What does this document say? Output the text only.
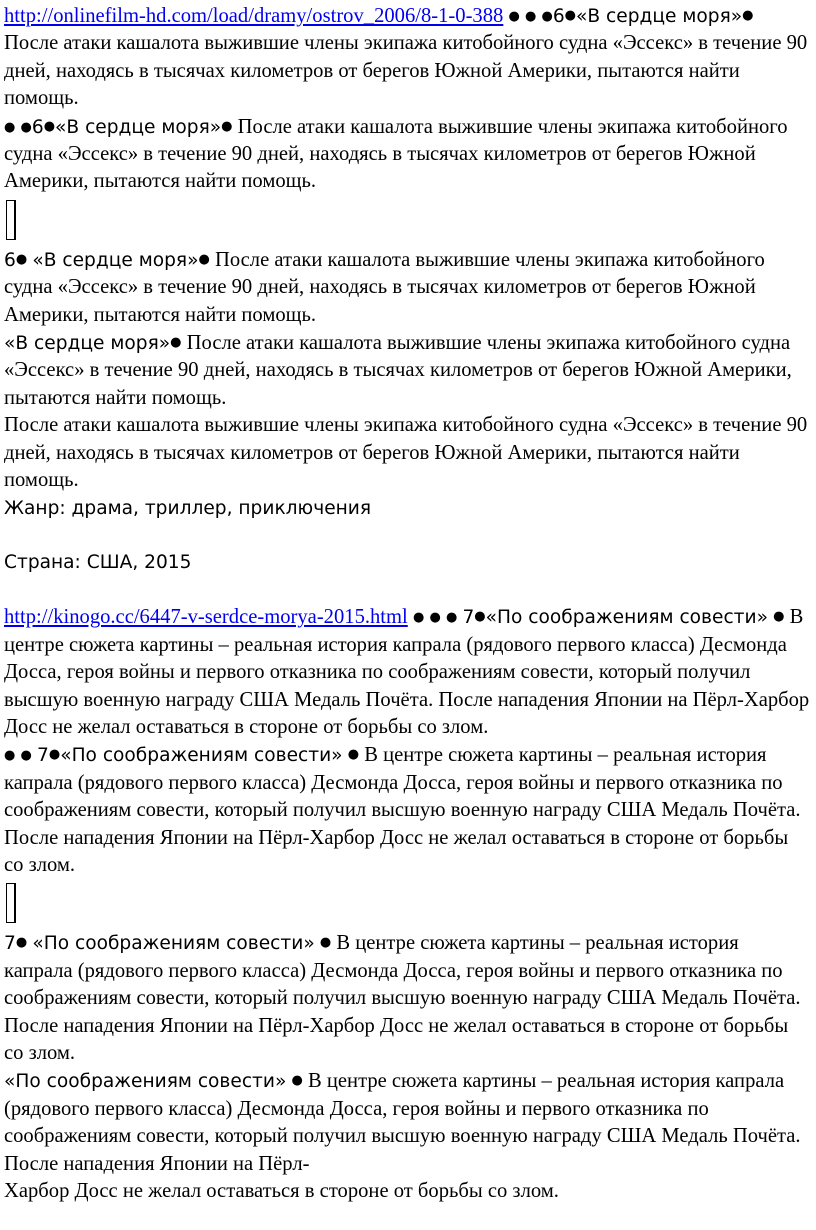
http://onlinefilm-hd.com/load/dramy/ostrov_2006/8-1-0-388 ● ● ●6●«В сердце моря»● После атаки кашалота выжившие члены экипажа китобойного судна «Эссекс» в течение 90 дней, находясь в тысячах километров от берегов Южной Америки, пытаются найти помощь.

● ●6●«В сердце моря»● После атаки кашалота выжившие члены экипажа китобойного судна «Эссекс» в течение 90 дней, находясь в тысячах километров от берегов Южной Америки, пытаются найти помощь.

6● «В сердце моря»● После атаки кашалота выжившие члены экипажа китобойного судна «Эссекс» в течение 90 дней, находясь в тысячах километров от берегов Южной Америки, пытаются найти помощь.

«В сердце моря»● После атаки кашалота выжившие члены экипажа китобойного судна «Эссекс» в течение 90 дней, находясь в тысячах километров от берегов Южной Америки, пытаются найти помощь.

После атаки кашалота выжившие члены экипажа китобойного судна «Эссекс» в течение 90 дней, находясь в тысячах километров от берегов Южной Америки, пытаются найти помощь.

Жанр: драма, триллер, приключения

Страна: США, 2015

http://kinogo.cc/6447-v-serdce-morya-2015.html ● ● ● 7●«По соображениям совести» ● В центре сюжета картины – реальная история капрала (рядового первого класса) Десмонда Досса, героя войны и первого отказника по соображениям совести, который получил высшую военную награду США Медаль Почёта. После нападения Японии на Пёрл-Харбор Досс не желал оставаться в стороне от борьбы со злом.

● ● 7●«По соображениям совести» ● В центре сюжета картины – реальная история капрала (рядового первого класса) Десмонда Досса, героя войны и первого отказника по соображениям совести, который получил высшую военную награду США Медаль Почёта. После нападения Японии на Пёрл-Харбор Досс не желал оставаться в стороне от борьбы со злом.

7● «По соображениям совести» ● В центре сюжета картины – реальная история капрала (рядового первого класса) Десмонда Досса, героя войны и первого отказника по соображениям совести, который получил высшую военную награду США Медаль Почёта. После нападения Японии на Пёрл-Харбор Досс не желал оставаться в стороне от борьбы со злом.

«По соображениям совести» ● В центре сюжета картины – реальная история капрала (рядового первого класса) Десмонда Досса, героя войны и первого отказника по соображениям совести, который получил высшую военную награду США Медаль Почёта. После нападения Японии на Пёрл-
Харбор Досс не желал оставаться в стороне от борьбы со злом.
